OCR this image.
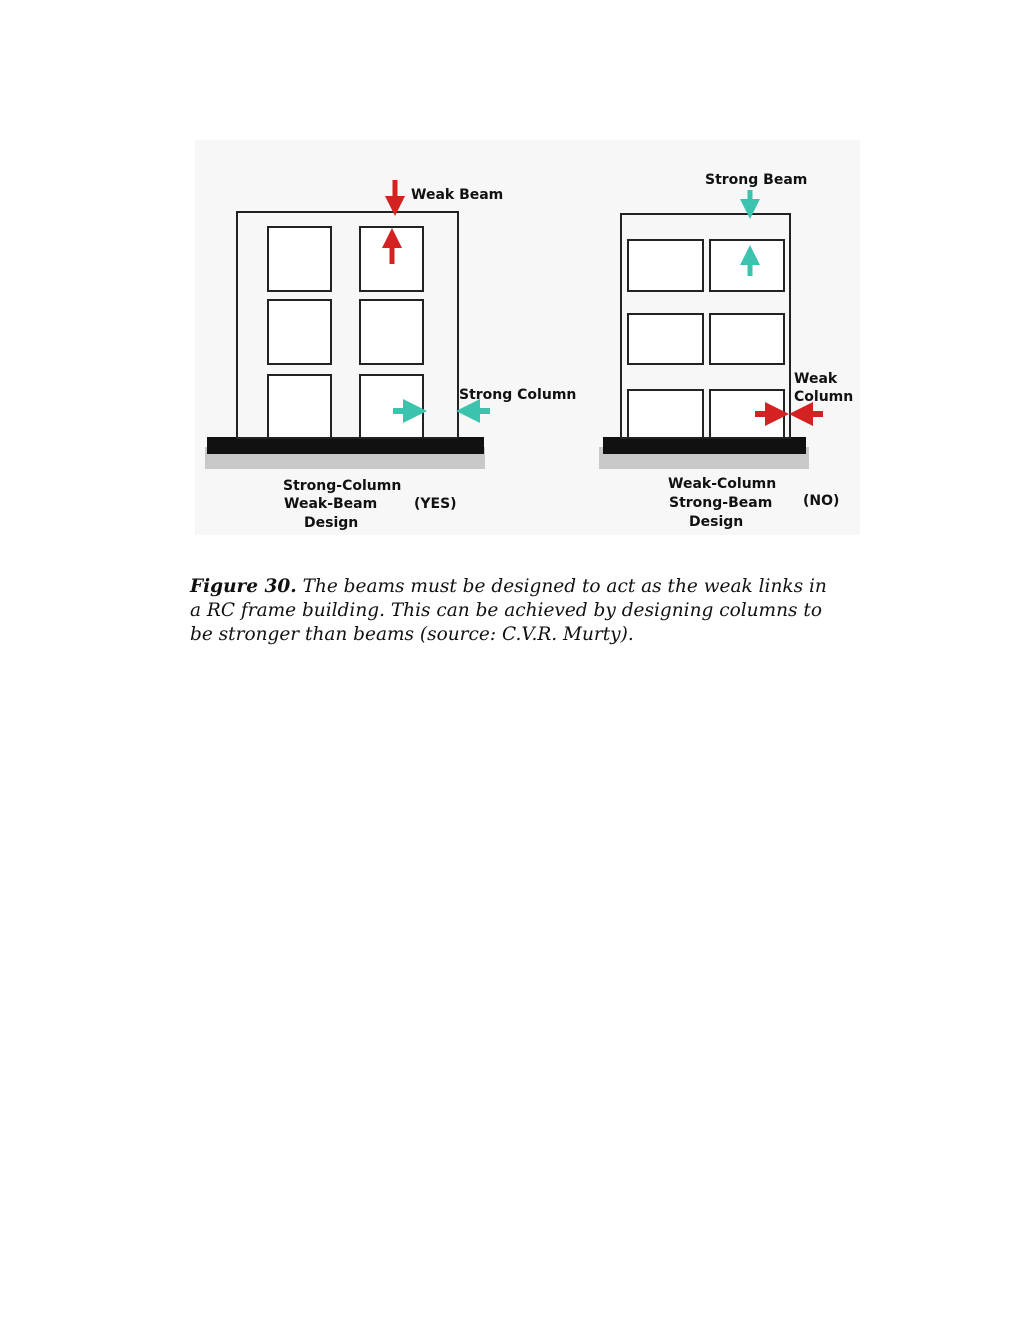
Weak Beam
Strong Column
Strong-Column
Weak-Beam
Design
(YES)
Strong Beam
Weak
Column
Weak-Column
Strong-Beam
Design
(NO)
Figure 30. The beams must be designed to act as the weak links in a RC frame building. This can be achieved by designing columns to be stronger than beams (source: C.V.R. Murty).
